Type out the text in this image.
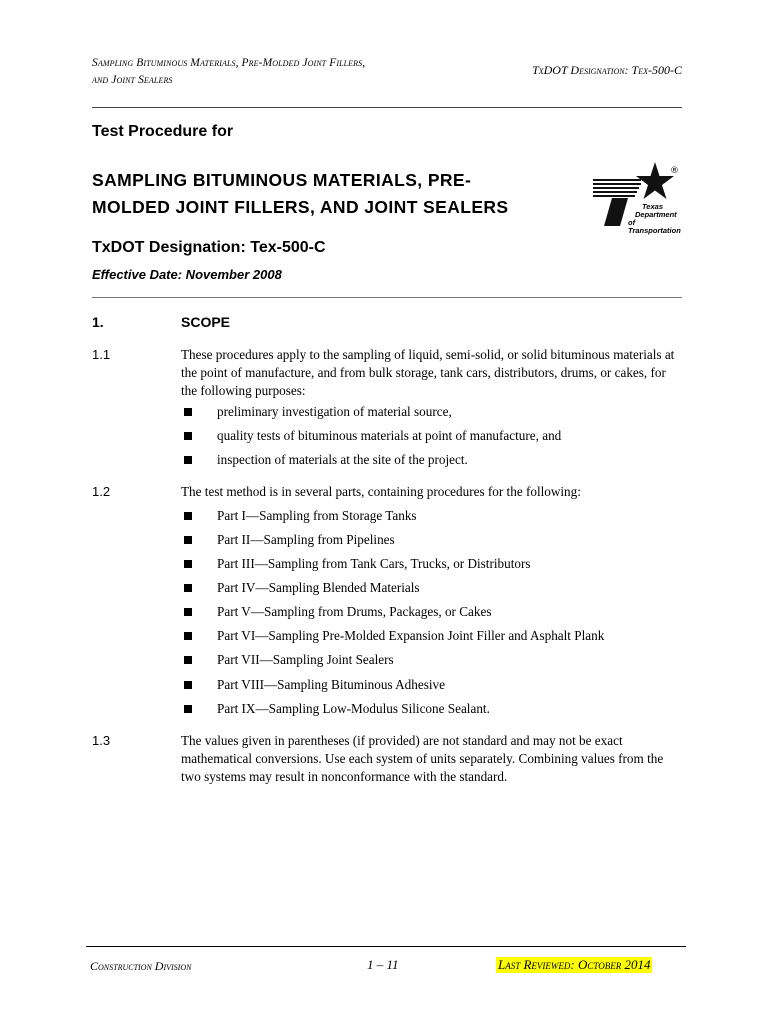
Sampling Bituminous Materials, Pre-Molded Joint Fillers,
and Joint Sealers
TxDOT Designation: Tex-500-C
Test Procedure for
SAMPLING BITUMINOUS MATERIALS, PRE-
MOLDED JOINT FILLERS, AND JOINT SEALERS
®
Texas
Department
of Transportation
TxDOT Designation: Tex-500-C
Effective Date: November 2008
1.	SCOPE
1.1	These procedures apply to the sampling of liquid, semi-solid, or solid bituminous materials at the point of manufacture, and from bulk storage, tank cars, distributors, drums, or cakes, for the following purposes:
preliminary investigation of material source,
quality tests of bituminous materials at point of manufacture, and
inspection of materials at the site of the project.
1.2	The test method is in several parts, containing procedures for the following:
Part I—Sampling from Storage Tanks
Part II—Sampling from Pipelines
Part III—Sampling from Tank Cars, Trucks, or Distributors
Part IV—Sampling Blended Materials
Part V—Sampling from Drums, Packages, or Cakes
Part VI—Sampling Pre-Molded Expansion Joint Filler and Asphalt Plank
Part VII—Sampling Joint Sealers
Part VIII—Sampling Bituminous Adhesive
Part IX—Sampling Low-Modulus Silicone Sealant.
1.3	The values given in parentheses (if provided) are not standard and may not be exact mathematical conversions. Use each system of units separately. Combining values from the two systems may result in nonconformance with the standard.
Construction Division	1 – 11	Last Reviewed: October 2014
